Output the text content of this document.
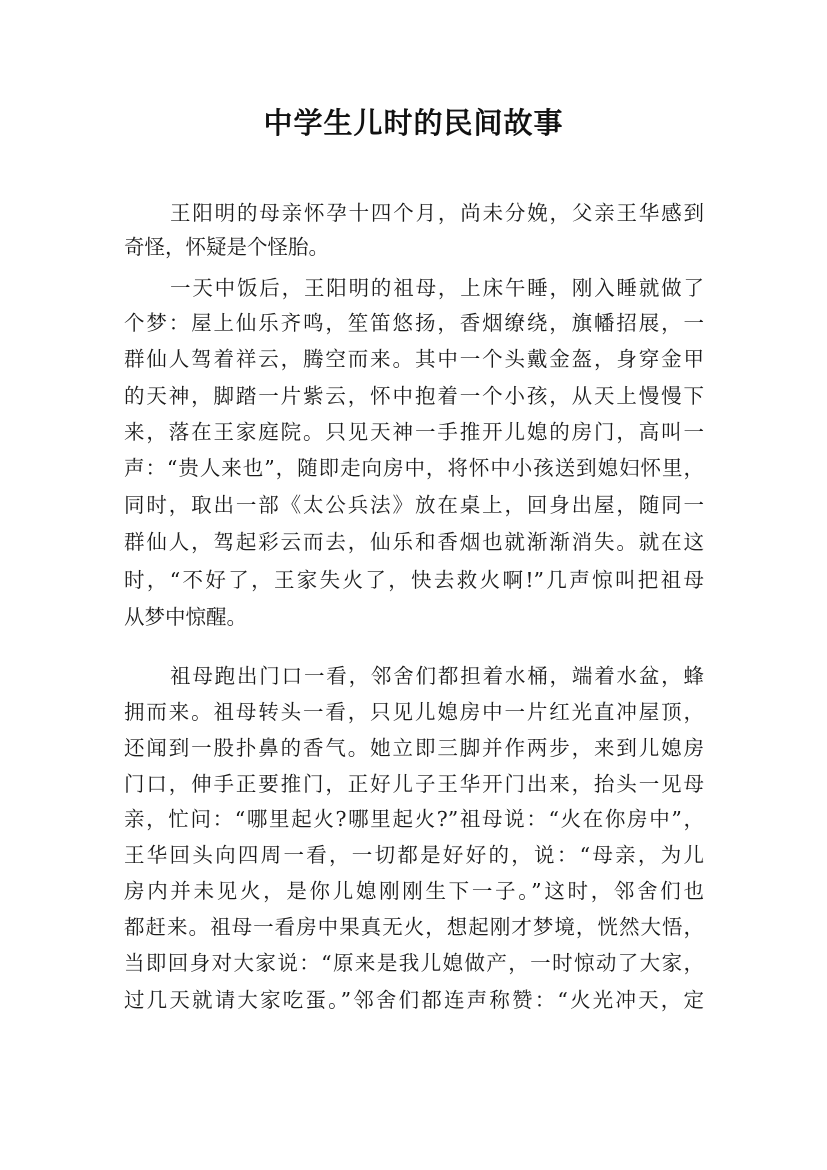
中学生儿时的民间故事
王阳明的母亲怀孕十四个月，尚未分娩，父亲王华感到
奇怪，怀疑是个怪胎。
一天中饭后，王阳明的祖母，上床午睡，刚入睡就做了
个梦：屋上仙乐齐鸣，笙笛悠扬，香烟缭绕，旗幡招展，一
群仙人驾着祥云，腾空而来。其中一个头戴金盔，身穿金甲
的天神，脚踏一片紫云，怀中抱着一个小孩，从天上慢慢下
来，落在王家庭院。只见天神一手推开儿媳的房门，高叫一
声：“贵人来也”，随即走向房中，将怀中小孩送到媳妇怀里，
同时，取出一部《太公兵法》放在桌上，回身出屋，随同一
群仙人，驾起彩云而去，仙乐和香烟也就渐渐消失。就在这
时，“不好了，王家失火了，快去救火啊!”几声惊叫把祖母
从梦中惊醒。
祖母跑出门口一看，邻舍们都担着水桶，端着水盆，蜂
拥而来。祖母转头一看，只见儿媳房中一片红光直冲屋顶，
还闻到一股扑鼻的香气。她立即三脚并作两步，来到儿媳房
门口，伸手正要推门，正好儿子王华开门出来，抬头一见母
亲，忙问：“哪里起火?哪里起火?”祖母说：“火在你房中”，
王华回头向四周一看，一切都是好好的，说：“母亲，为儿
房内并未见火，是你儿媳刚刚生下一子。”这时，邻舍们也
都赶来。祖母一看房中果真无火，想起刚才梦境，恍然大悟，
当即回身对大家说：“原来是我儿媳做产，一时惊动了大家，
过几天就请大家吃蛋。”邻舍们都连声称赞：“火光冲天，定
